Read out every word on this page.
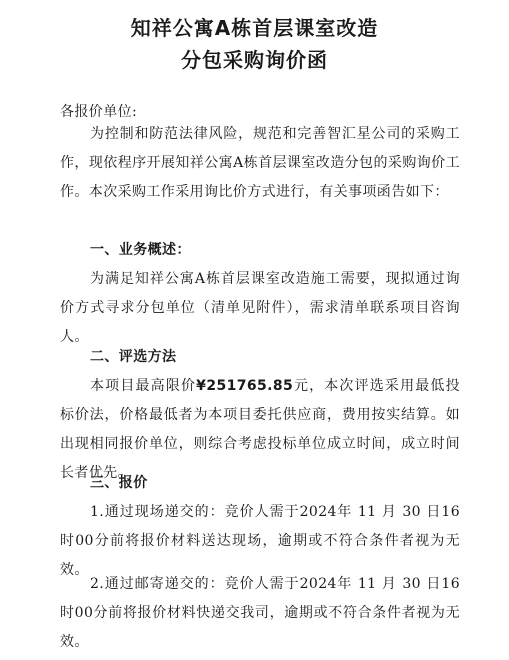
知祥公寓A栋首层课室改造
分包采购询价函

各报价单位:

为控制和防范法律风险，规范和完善智汇星公司的采购工作，现依程序开展知祥公寓A栋首层课室改造分包的采购询价工作。本次采购工作采用询比价方式进行，有关事项函告如下：

一、业务概述：

为满足知祥公寓A栋首层课室改造施工需要，现拟通过询价方式寻求分包单位（清单见附件），需求清单联系项目咨询人。

二、评选方法

本项目最高限价¥251765.85元，本次评选采用最低投标价法，价格最低者为本项目委托供应商，费用按实结算。如出现相同报价单位，则综合考虑投标单位成立时间，成立时间长者优先。

三、报价

1.通过现场递交的：竞价人需于2024年 11 月 30 日16时00分前将报价材料送达现场，逾期或不符合条件者视为无效。

2.通过邮寄递交的：竞价人需于2024年 11 月 30 日16时00分前将报价材料快递交我司，逾期或不符合条件者视为无效。
